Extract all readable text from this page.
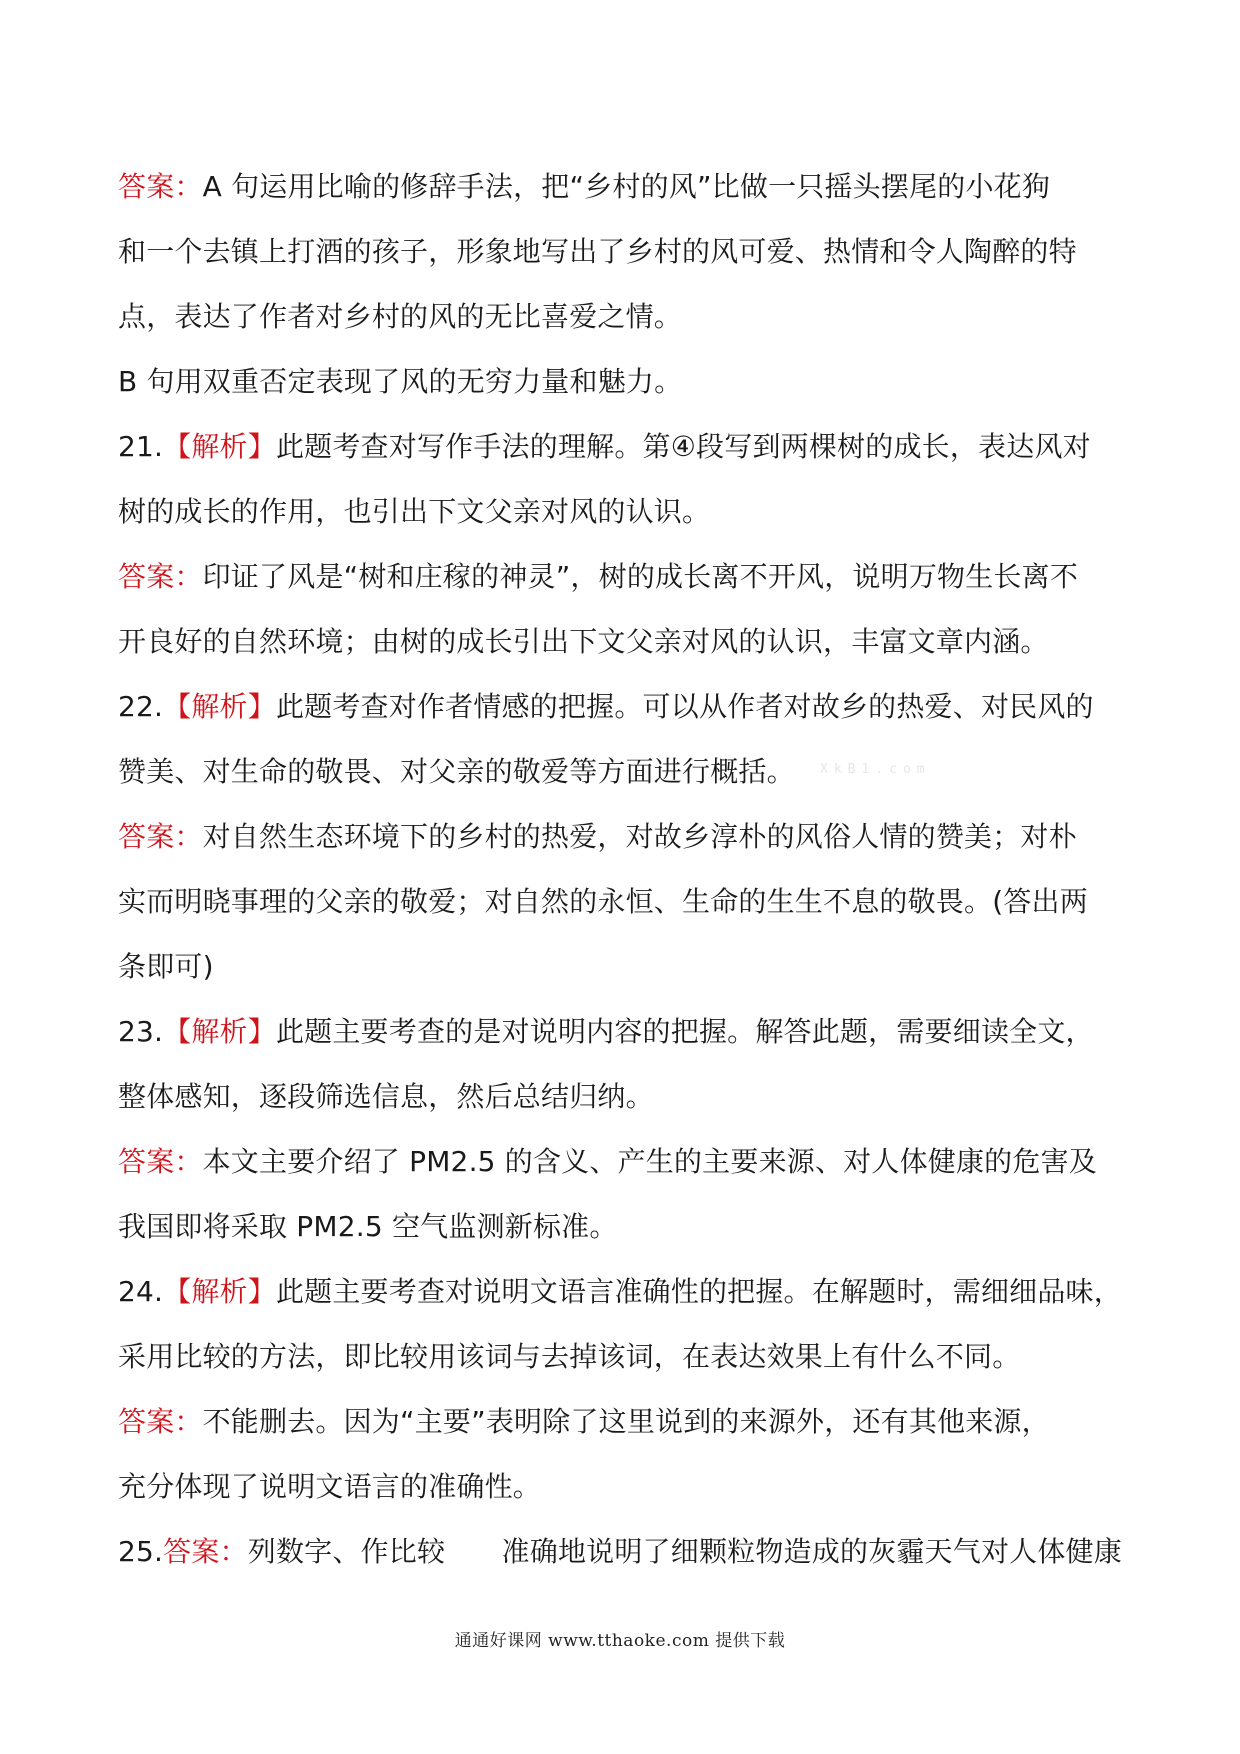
答案：A 句运用比喻的修辞手法，把“乡村的风”比做一只摇头摆尾的小花狗
和一个去镇上打酒的孩子，形象地写出了乡村的风可爱、热情和令人陶醉的特
点，表达了作者对乡村的风的无比喜爱之情。
B 句用双重否定表现了风的无穷力量和魅力。
21.【解析】此题考查对写作手法的理解。第④段写到两棵树的成长，表达风对
树的成长的作用，也引出下文父亲对风的认识。
答案：印证了风是“树和庄稼的神灵”，树的成长离不开风，说明万物生长离不
开良好的自然环境；由树的成长引出下文父亲对风的认识，丰富文章内涵。
22.【解析】此题考查对作者情感的把握。可以从作者对故乡的热爱、对民风的
赞美、对生命的敬畏、对父亲的敬爱等方面进行概括。
答案：对自然生态环境下的乡村的热爱，对故乡淳朴的风俗人情的赞美；对朴
实而明晓事理的父亲的敬爱；对自然的永恒、生命的生生不息的敬畏。(答出两
条即可)
23.【解析】此题主要考查的是对说明内容的把握。解答此题，需要细读全文，
整体感知，逐段筛选信息，然后总结归纳。
答案：本文主要介绍了 PM2.5 的含义、产生的主要来源、对人体健康的危害及
我国即将采取 PM2.5 空气监测新标准。
24.【解析】此题主要考查对说明文语言准确性的把握。在解题时，需细细品味，
采用比较的方法，即比较用该词与去掉该词，在表达效果上有什么不同。
答案：不能删去。因为“主要”表明除了这里说到的来源外，还有其他来源，
充分体现了说明文语言的准确性。
25.答案：列数字、作比较　　准确地说明了细颗粒物造成的灰霾天气对人体健康
XkB1.com
通通好课网 www.tthaoke.com 提供下载
